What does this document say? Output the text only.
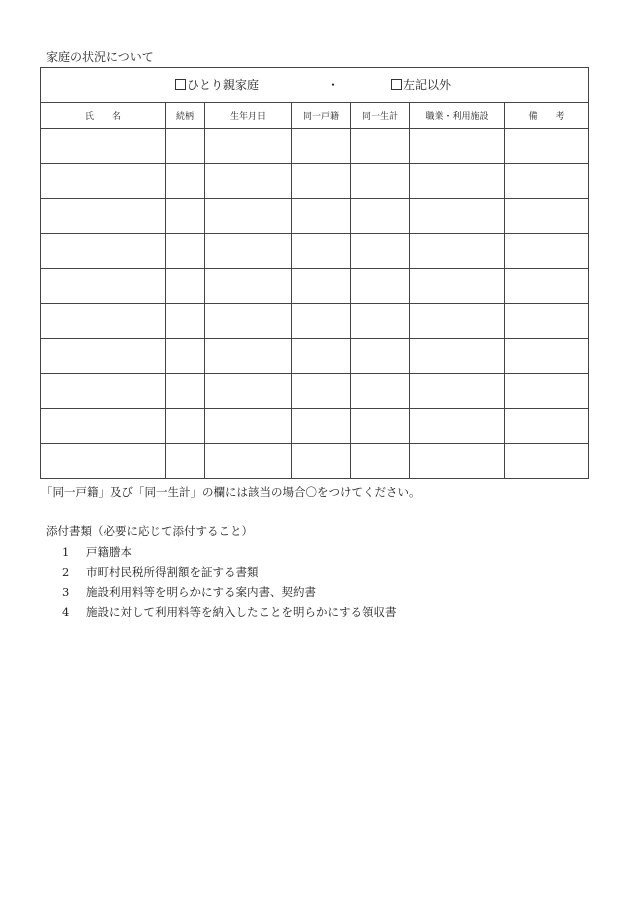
家庭の状況について
ひとり親家庭 ・ 左記以外						

氏　　名	続柄	生年月日	同一戸籍	同一生計	職業・利用施設	備　　考

「同一戸籍」及び「同一生計」の欄には該当の場合〇をつけてください。
添付書類（必要に応じて添付すること）
1 戸籍謄本
2 市町村民税所得割額を証する書類
3 施設利用料等を明らかにする案内書、契約書
4 施設に対して利用料等を納入したことを明らかにする領収書
